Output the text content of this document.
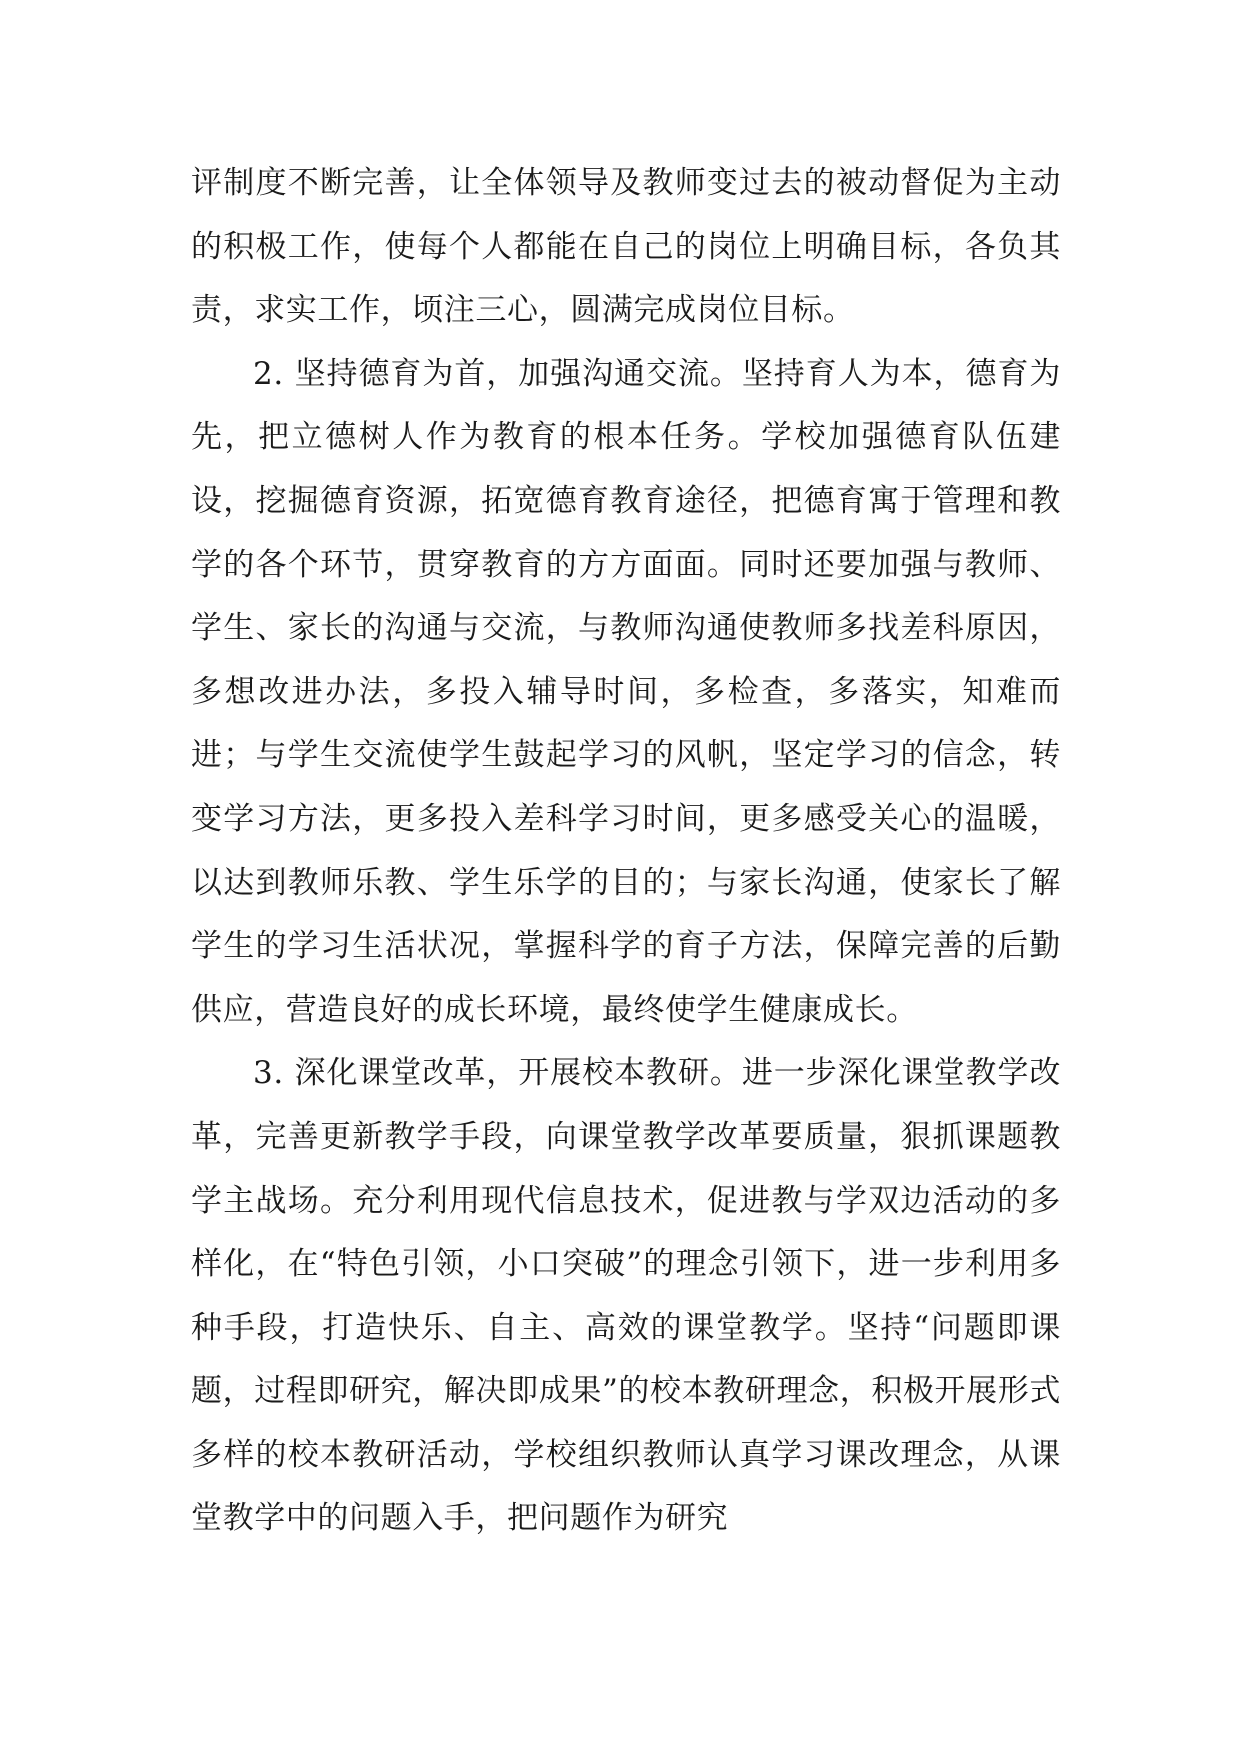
评制度不断完善，让全体领导及教师变过去的被动督促为主动的积极工作，使每个人都能在自己的岗位上明确目标，各负其责，求实工作，顷注三心，圆满完成岗位目标。

2. 坚持德育为首，加强沟通交流。坚持育人为本，德育为先，把立德树人作为教育的根本任务。学校加强德育队伍建设，挖掘德育资源，拓宽德育教育途径，把德育寓于管理和教学的各个环节，贯穿教育的方方面面。同时还要加强与教师、学生、家长的沟通与交流，与教师沟通使教师多找差科原因，多想改进办法，多投入辅导时间，多检查，多落实，知难而进；与学生交流使学生鼓起学习的风帆，坚定学习的信念，转变学习方法，更多投入差科学习时间，更多感受关心的温暖，以达到教师乐教、学生乐学的目的；与家长沟通，使家长了解学生的学习生活状况，掌握科学的育子方法，保障完善的后勤供应，营造良好的成长环境，最终使学生健康成长。

3. 深化课堂改革，开展校本教研。进一步深化课堂教学改革，完善更新教学手段，向课堂教学改革要质量，狠抓课题教学主战场。充分利用现代信息技术，促进教与学双边活动的多样化，在“特色引领，小口突破”的理念引领下，进一步利用多种手段，打造快乐、自主、高效的课堂教学。坚持“问题即课题，过程即研究，解决即成果”的校本教研理念，积极开展形式多样的校本教研活动，学校组织教师认真学习课改理念，从课堂教学中的问题入手，把问题作为研究
